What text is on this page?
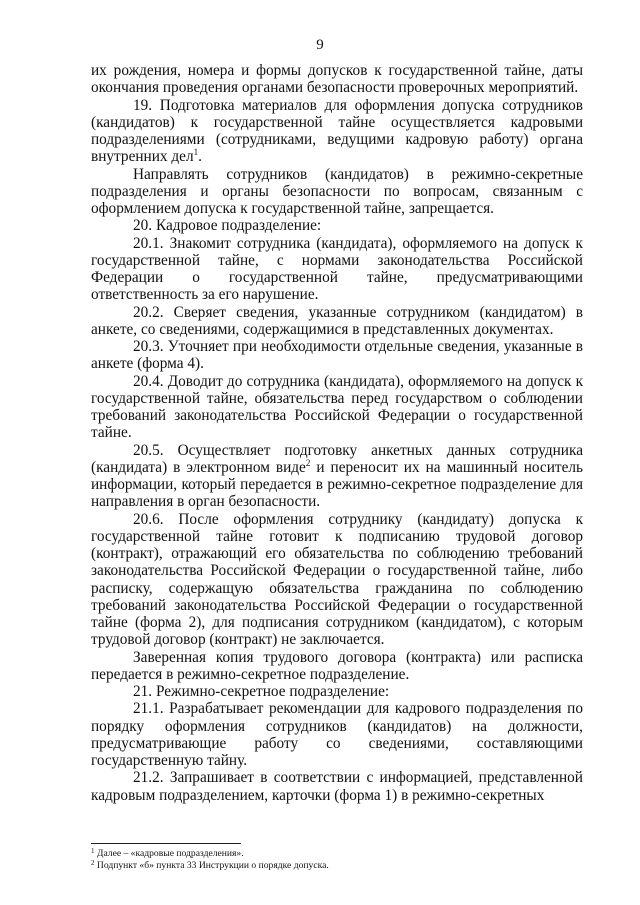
9

их рождения, номера и формы допусков к государственной тайне, даты окончания проведения органами безопасности проверочных мероприятий.

19. Подготовка материалов для оформления допуска сотрудников (кандидатов) к государственной тайне осуществляется кадровыми подразделениями (сотрудниками, ведущими кадровую работу) органа внутренних дел$^1$.

Направлять сотрудников (кандидатов) в режимно-секретные подразделения и органы безопасности по вопросам, связанным с оформлением допуска к государственной тайне, запрещается.

20. Кадровое подразделение:

20.1. Знакомит сотрудника (кандидата), оформляемого на допуск к государственной тайне, с нормами законодательства Российской Федерации о государственной тайне, предусматривающими ответственность за его нарушение.

20.2. Сверяет сведения, указанные сотрудником (кандидатом) в анкете, со сведениями, содержащимися в представленных документах.

20.3. Уточняет при необходимости отдельные сведения, указанные в анкете (форма 4).

20.4. Доводит до сотрудника (кандидата), оформляемого на допуск к государственной тайне, обязательства перед государством о соблюдении требований законодательства Российской Федерации о государственной тайне.

20.5. Осуществляет подготовку анкетных данных сотрудника (кандидата) в электронном виде$^2$ и переносит их на машинный носитель информации, который передается в режимно-секретное подразделение для направления в орган безопасности.

20.6. После оформления сотруднику (кандидату) допуска к государственной тайне готовит к подписанию трудовой договор (контракт), отражающий его обязательства по соблюдению требований законодательства Российской Федерации о государственной тайне, либо расписку, содержащую обязательства гражданина по соблюдению требований законодательства Российской Федерации о государственной тайне (форма 2), для подписания сотрудником (кандидатом), с которым трудовой договор (контракт) не заключается.

Заверенная копия трудового договора (контракта) или расписка передается в режимно-секретное подразделение.

21. Режимно-секретное подразделение:

21.1. Разрабатывает рекомендации для кадрового подразделения по порядку оформления сотрудников (кандидатов) на должности, предусматривающие работу со сведениями, составляющими государственную тайну.

21.2. Запрашивает в соответствии с информацией, представленной кадровым подразделением, карточки (форма 1) в режимно-секретных

$^1$ Далее – «кадровые подразделения».

$^2$ Подпункт «б» пункта 33 Инструкции о порядке допуска.
